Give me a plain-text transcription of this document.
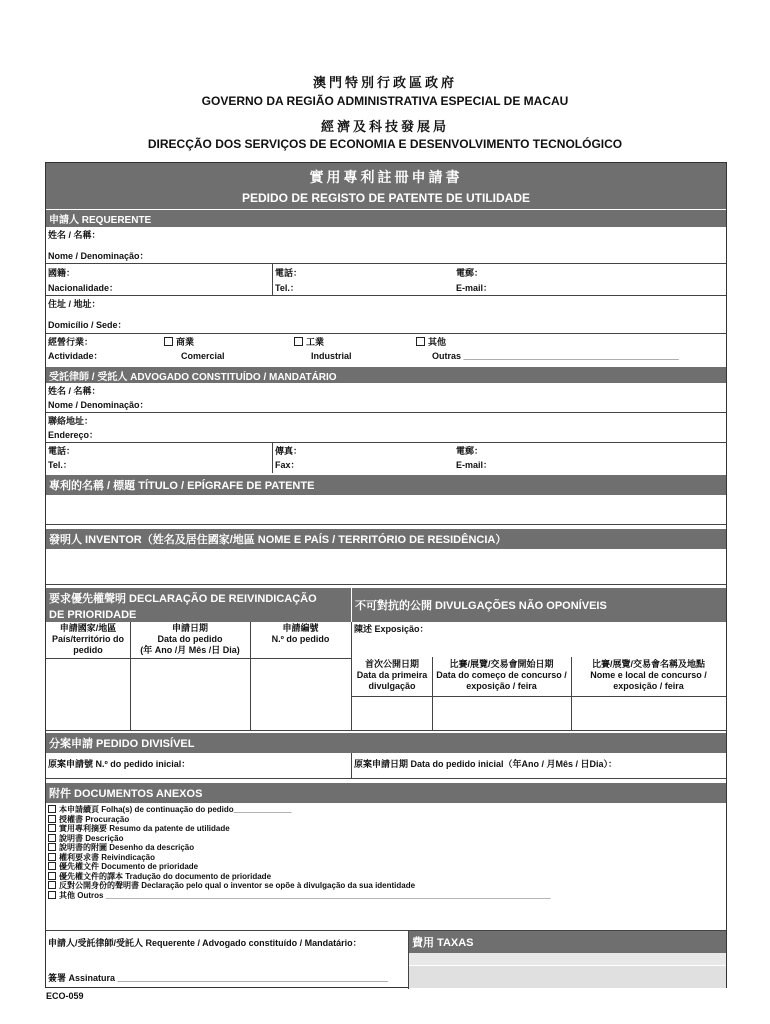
澳門特別行政區政府
GOVERNO DA REGIÃO ADMINISTRATIVA ESPECIAL DE MACAU
經濟及科技發展局
DIRECÇÃO DOS SERVIÇOS DE ECONOMIA E DESENVOLVIMENTO TECNOLÓGICO
實用專利註冊申請書
PEDIDO DE REGISTO DE PATENTE DE UTILIDADE
申請人 REQUERENTE
姓名 / 名稱：
Nome / Denominação：
國籍：
Nacionalidade：
電話：
Tel.：
電郵：
E-mail：
住址 / 地址：
Domicílio / Sede：
經營行業：
Actividade：
商業
Comercial
工業
Industrial
其他
Outras ___________________________________________
受託律師 / 受託人 ADVOGADO CONSTITUÍDO / MANDATÁRIO
姓名 / 名稱：
Nome / Denominação：
聯絡地址：
Endereço：
電話：
Tel.：
傳真：
Fax：
電郵：
E-mail：
專利的名稱 / 標題 TÍTULO / EPÍGRAFE DE PATENTE
發明人 INVENTOR（姓名及居住國家/地區 NOME E PAÍS / TERRITÓRIO DE RESIDÊNCIA）
要求優先權聲明 DECLARAÇÃO DE REIVINDICAÇÃO
DE PRIORIDADE
不可對抗的公開 DIVULGAÇÕES NÃO OPONÍVEIS
申請國家/地區
País/território do pedido
申請日期
Data do pedido
(年 Ano /月 Mês /日 Dia)
申請編號
N.º do pedido
陳述 Exposição：
首次公開日期
Data da primeira divulgação
比賽/展覽/交易會開始日期
Data do começo de concurso / exposição / feira
比賽/展覽/交易會名稱及地點
Nome e local de concurso / exposição / feira
分案申請 PEDIDO DIVISÍVEL
原案申請號 N.º do pedido inicial：	原案申請日期 Data do pedido inicial（年Ano / 月Mês / 日Dia）：
附件 DOCUMENTOS ANEXOS
本申請續頁 Folha(s) de continuação do pedido_____________
授權書 Procuração
實用專利摘要 Resumo da patente de utilidade
說明書 Descrição
說明書的附圖 Desenho da descrição
權利要求書 Reivindicação
優先權文件 Documento de prioridade
優先權文件的譯本 Tradução do documento de prioridade
反對公開身份的聲明書 Declaração pelo qual o inventor se opõe à divulgação da sua identidade
其他 Outros ____________________________________________________________________________________________________
申請人/受託律師/受託人 Requerente / Advogado constituído / Mandatário：
簽署 Assinatura ______________________________________________________
費用 TAXAS
ECO-059
